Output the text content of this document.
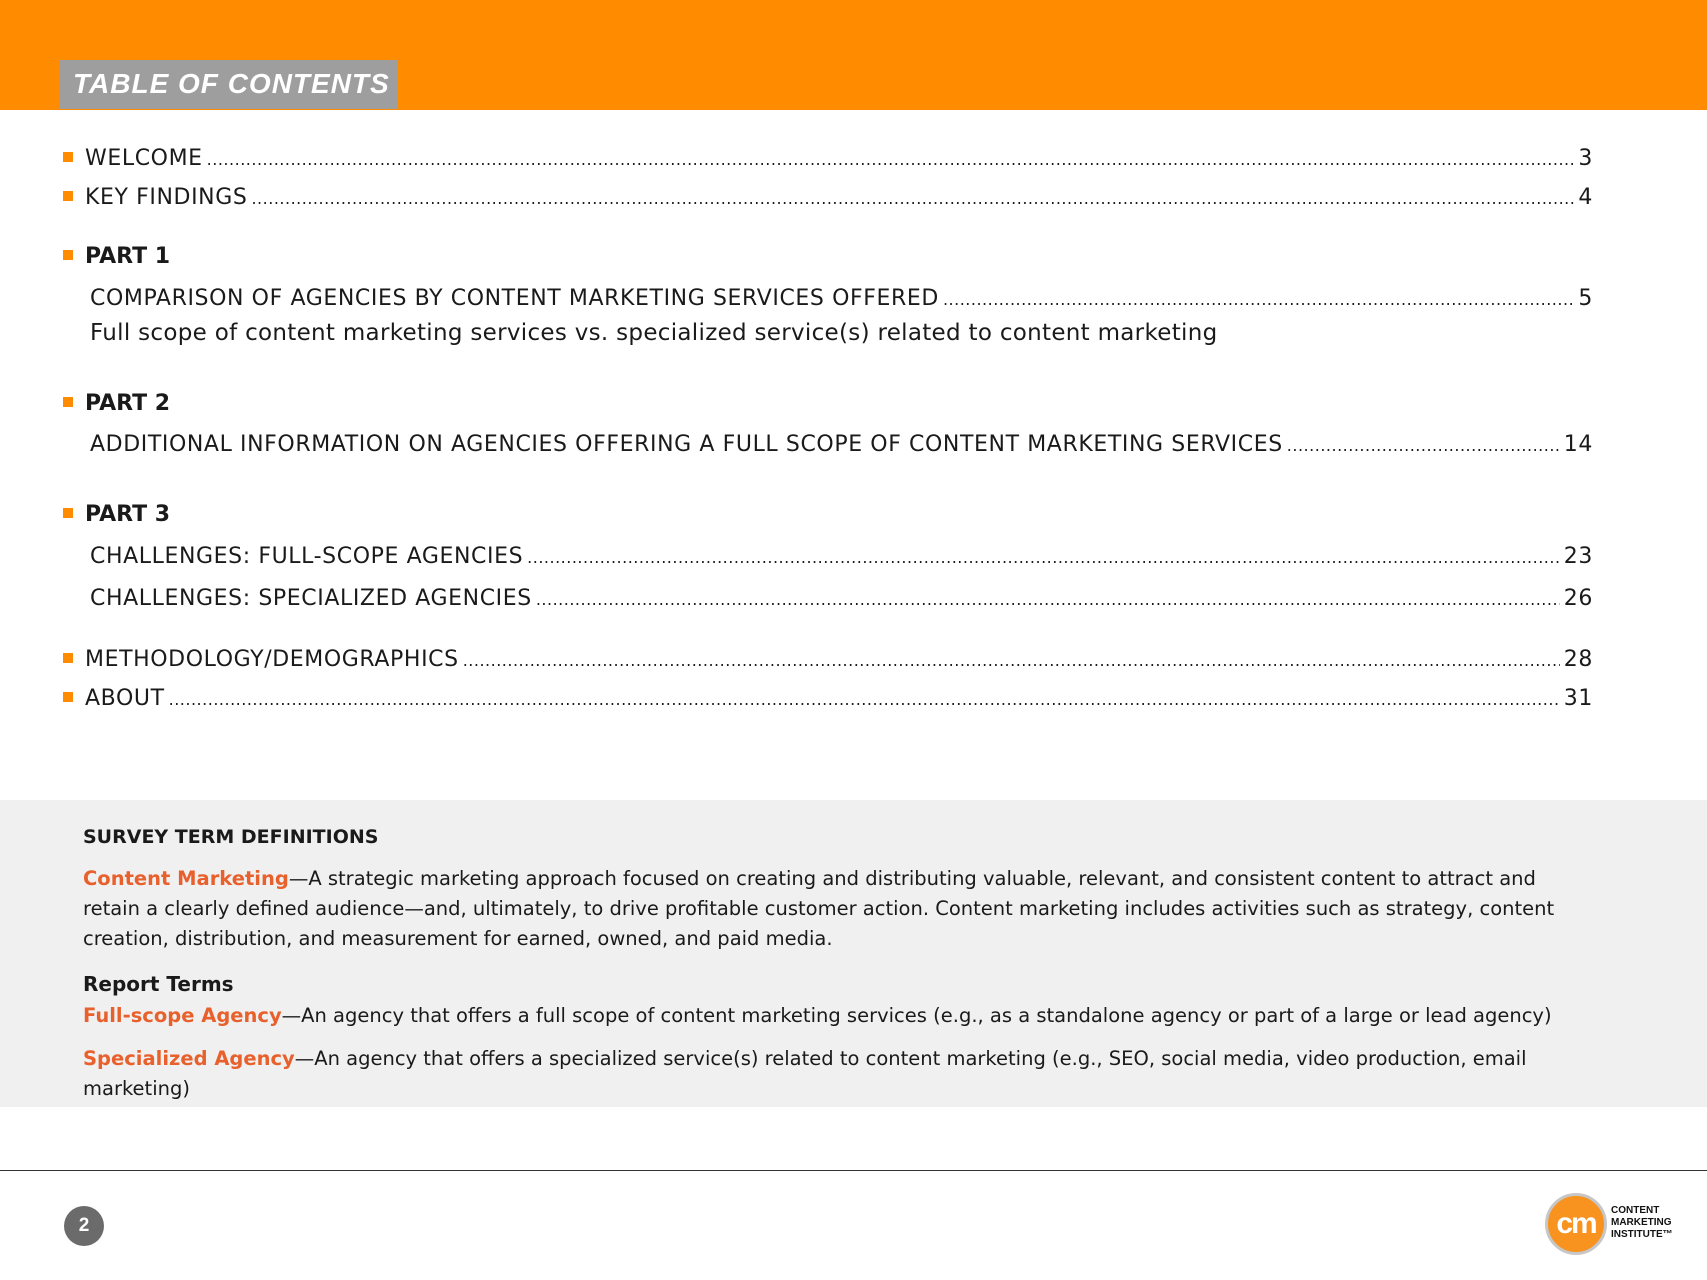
TABLE OF CONTENTS
WELCOME .....	3
KEY FINDINGS .....	4
PART 1
COMPARISON OF AGENCIES BY CONTENT MARKETING SERVICES OFFERED .....	5
Full scope of content marketing services vs. specialized service(s) related to content marketing
PART 2
ADDITIONAL INFORMATION ON AGENCIES OFFERING A FULL SCOPE OF CONTENT MARKETING SERVICES .....	14
PART 3
CHALLENGES: FULL-SCOPE AGENCIES .....	23
CHALLENGES: SPECIALIZED AGENCIES .....	26
METHODOLOGY/DEMOGRAPHICS .....	28
ABOUT .....	31
SURVEY TERM DEFINITIONS
Content Marketing—A strategic marketing approach focused on creating and distributing valuable, relevant, and consistent content to attract and retain a clearly defined audience—and, ultimately, to drive profitable customer action. Content marketing includes activities such as strategy, content creation, distribution, and measurement for earned, owned, and paid media.
Report Terms
Full-scope Agency—An agency that offers a full scope of content marketing services (e.g., as a standalone agency or part of a large or lead agency)
Specialized Agency—An agency that offers a specialized service(s) related to content marketing (e.g., SEO, social media, video production, email marketing)
2	cm	CONTENT
MARKETING
INSTITUTE™
